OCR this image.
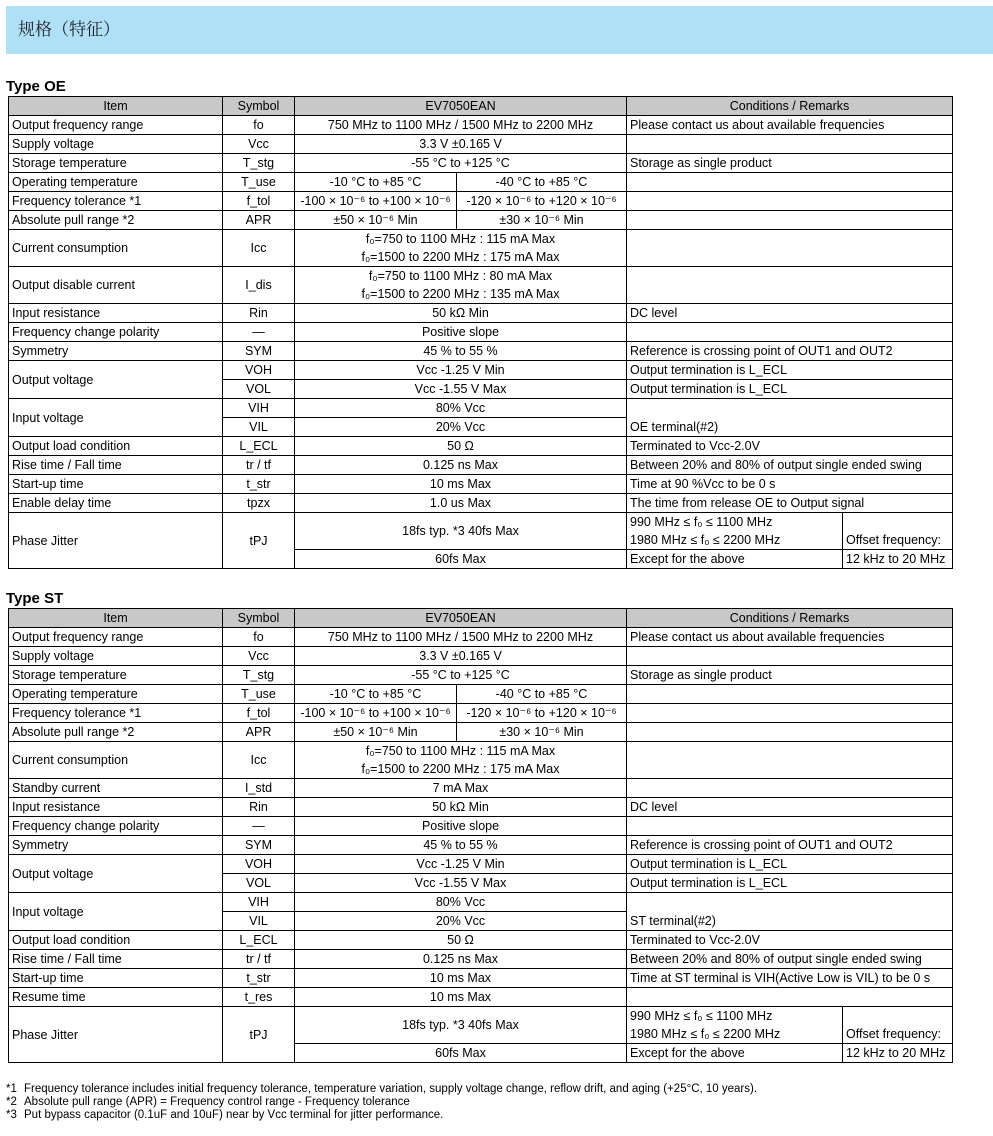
规格（特征）
Type OE
Item	Symbol	EV7050EAN		Conditions / Remarks	
Output frequency range	fo	750 MHz to 1100 MHz / 1500 MHz to 2200 MHz		Please contact us about available frequencies	
Supply voltage	Vcc	3.3 V ±0.165 V			
Storage temperature	T_stg	-55 °C to +125 °C		Storage as single product	
Operating temperature	T_use	-10 °C to +85 °C	-40 °C to +85 °C		
Frequency tolerance *1	f_tol	-100 × 10⁻⁶ to +100 × 10⁻⁶	-120 × 10⁻⁶ to +120 × 10⁻⁶		
Absolute pull range *2	APR	±50 × 10⁻⁶ Min	±30 × 10⁻⁶ Min		
Current consumption	Icc	f₀=750 to 1100 MHz : 115 mA Max			
		f₀=1500 to 2200 MHz : 175 mA Max			
Output disable current	I_dis	f₀=750 to 1100 MHz : 80 mA Max			
		f₀=1500 to 2200 MHz : 135 mA Max			
Input resistance	Rin	50 kΩ Min		DC level	
Frequency change polarity	—	Positive slope			
Symmetry	SYM	45 % to 55 %		Reference is crossing point of OUT1 and OUT2	
Output voltage	VOH	Vcc -1.25 V Min		Output termination is L_ECL	
	VOL	Vcc -1.55 V Max		Output termination is L_ECL	
Input voltage	VIH	80% Vcc		OE terminal(#2)	
	VIL	20% Vcc			
Output load condition	L_ECL	50 Ω		Terminated to Vcc-2.0V	
Rise time / Fall time	tr / tf	0.125 ns Max		Between 20% and 80% of output single ended swing	
Start-up time	t_str	10 ms Max		Time at 90 %Vcc to be 0 s	
Enable delay time	tpzx	1.0 us Max		The time from release OE to Output signal	
Phase Jitter	tPJ	18fs typ. *3 40fs Max		990 MHz ≤ f₀ ≤ 1100 MHz	Offset frequency:
				1980 MHz ≤ f₀ ≤ 2200 MHz	
		60fs Max		Except for the above	12 kHz to 20 MHz
Type ST
Item	Symbol	EV7050EAN		Conditions / Remarks	
Output frequency range	fo	750 MHz to 1100 MHz / 1500 MHz to 2200 MHz		Please contact us about available frequencies	
Supply voltage	Vcc	3.3 V ±0.165 V			
Storage temperature	T_stg	-55 °C to +125 °C		Storage as single product	
Operating temperature	T_use	-10 °C to +85 °C	-40 °C to +85 °C		
Frequency tolerance *1	f_tol	-100 × 10⁻⁶ to +100 × 10⁻⁶	-120 × 10⁻⁶ to +120 × 10⁻⁶		
Absolute pull range *2	APR	±50 × 10⁻⁶ Min	±30 × 10⁻⁶ Min		
Current consumption	Icc	f₀=750 to 1100 MHz : 115 mA Max			
		f₀=1500 to 2200 MHz : 175 mA Max			
Standby current	I_std	7 mA Max			
Input resistance	Rin	50 kΩ Min		DC level	
Frequency change polarity	—	Positive slope			
Symmetry	SYM	45 % to 55 %		Reference is crossing point of OUT1 and OUT2	
Output voltage	VOH	Vcc -1.25 V Min		Output termination is L_ECL	
	VOL	Vcc -1.55 V Max		Output termination is L_ECL	
Input voltage	VIH	80% Vcc		ST terminal(#2)	
	VIL	20% Vcc			
Output load condition	L_ECL	50 Ω		Terminated to Vcc-2.0V	
Rise time / Fall time	tr / tf	0.125 ns Max		Between 20% and 80% of output single ended swing	
Start-up time	t_str	10 ms Max		Time at ST terminal is VIH(Active Low is VIL) to be 0 s	
Resume time	t_res	10 ms Max			
Phase Jitter	tPJ	18fs typ. *3 40fs Max		990 MHz ≤ f₀ ≤ 1100 MHz	Offset frequency:
				1980 MHz ≤ f₀ ≤ 2200 MHz	
		60fs Max		Except for the above	12 kHz to 20 MHz
*1 Frequency tolerance includes initial frequency tolerance, temperature variation, supply voltage change, reflow drift, and aging (+25°C, 10 years).
*2 Absolute pull range (APR) = Frequency control range - Frequency tolerance
*3 Put bypass capacitor (0.1uF and 10uF) near by Vcc terminal for jitter performance.
